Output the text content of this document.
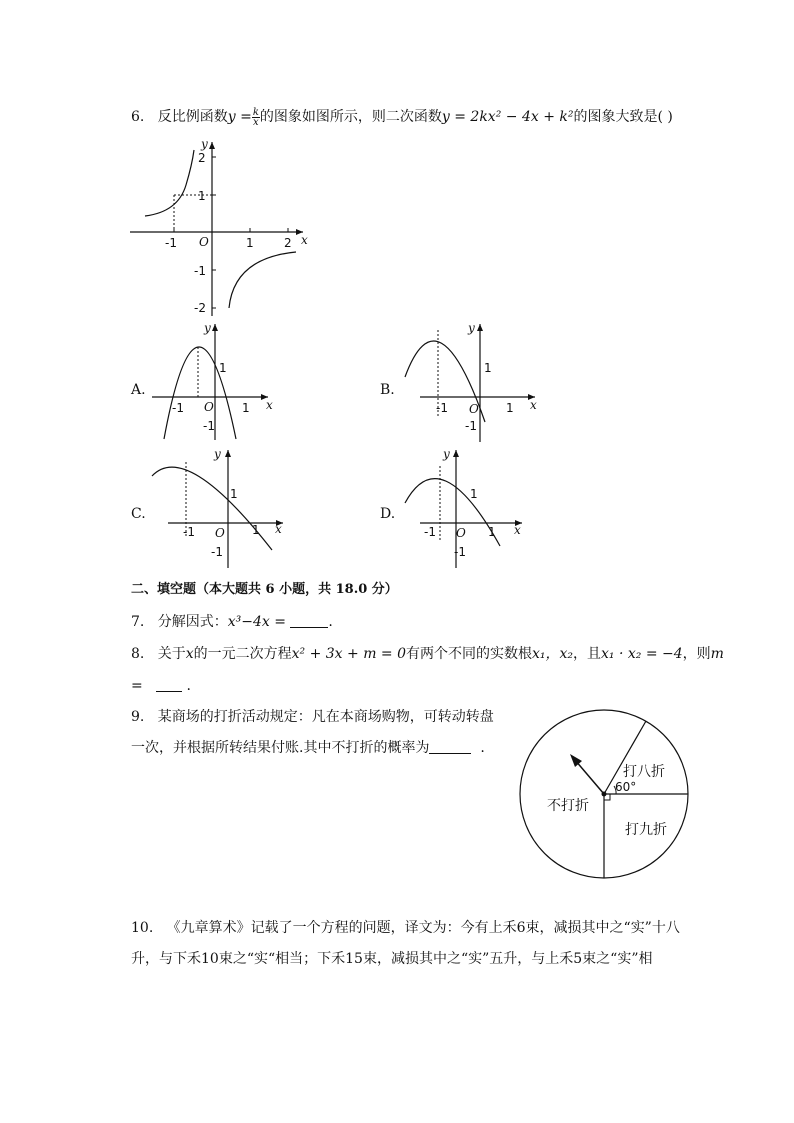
6. 反比例函数$y = \frac{k}{x}$ 的图象如图所示，则二次函数y = 2kx² − 4x + k²的图象大致是( )
x
y
O
-1	1	2
2
1
-1
-2
A.
x
y
O
-1	1
1
-1
B.
x
y
O
-1	1
1
-1
C.
x
y
O
-1	1
1
-1
D.
x
y
O
-1	1
1
-1
二、填空题（本大题共 6 小题，共 18.0 分）
7. 分解因式：x³−4x =	.
8. 关于x的一元二次方程x² + 3x + m = 0有两个不同的实数根x₁，x₂，且x₁ · x₂ = −4，则m
=	.
9. 某商场的打折活动规定：凡在本商场购物，可转动转盘
一次，并根据所转结果付账.其中不打折的概率为	.
60°
打八折
打九折
不打折
10. 《九章算术》记载了一个方程的问题，译文为：今有上禾6束，减损其中之“实”十八
升，与下禾10束之“实“相当；下禾15束，减损其中之“实”五升，与上禾5束之“实”相
